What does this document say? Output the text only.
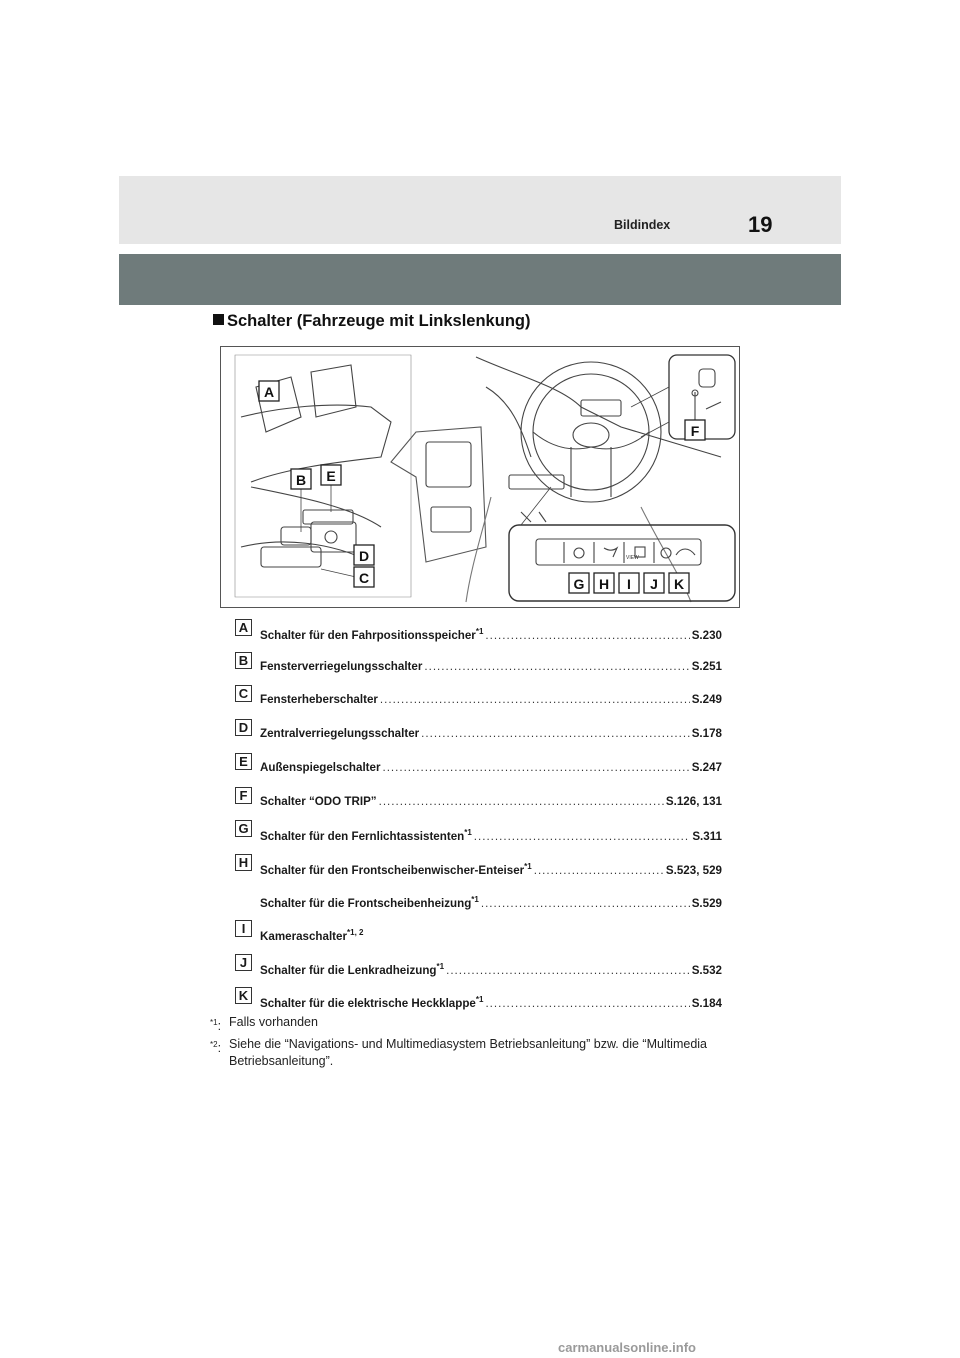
Bildindex	19
Schalter (Fahrzeuge mit Linkslenkung)
VIEW
A
B E
D
C
F
G H I J K
A
Schalter für den Fahrpositionsspeicher$^{*1}$ .....	S.230
B	Fensterverriegelungsschalter .....	S.251
C	Fensterheberschalter .....	S.249
D	Zentralverriegelungsschalter .....	S.178
E	Außenspiegelschalter .....	S.247
F	Schalter “ODO TRIP” .....	S.126, 131
G
Schalter für den Fernlichtassistenten$^{*1}$ .....	S.311
H
Schalter für den Frontscheibenwischer-Enteiser$^{*1}$ .....	S.523, 529
Schalter für die Frontscheibenheizung$^{*1}$ .....	S.529
I
Kameraschalter$^{*1, 2}$
J
Schalter für die Lenkradheizung$^{*1}$ .....	S.532
K
Schalter für die elektrische Heckklappe$^{*1}$ .....	S.184
$^{*1}$: Falls vorhanden
$^{*2}$: Siehe die “Navigations- und Multimediasystem Betriebsanleitung” bzw. die “Multimedia Betriebsanleitung”.
carmanualsonline.info
